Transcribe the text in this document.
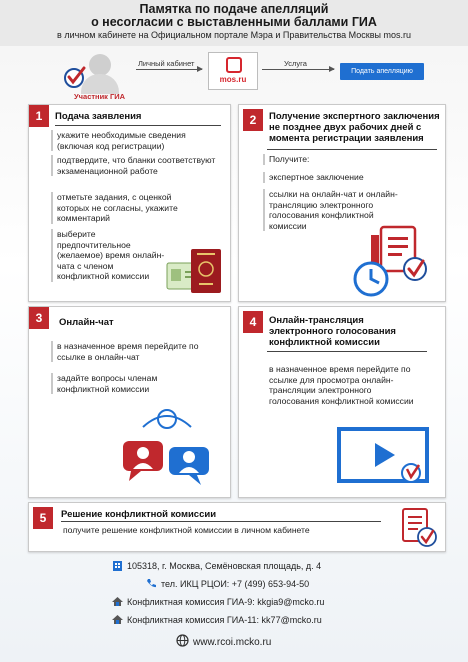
Памятка по подаче апелляций
о несогласии с выставленными баллами ГИА
в личном кабинете на Официальном портале Мэра и Правительства Москвы mos.ru
Участник ГИА
Личный кабинет
mos.ru
Услуга
Подать апелляцию
1	Подача заявления
укажите необходимые сведения (включая код регистрации)
подтвердите, что бланки соответствуют экзаменационной работе
отметьте задания, с оценкой которых не согласны, укажите комментарий
выберите предпочтительное (желаемое) время онлайн-чата с членом конфликтной комиссии
2	Получение экспертного заключения не позднее двух рабочих дней с момента регистрации заявления
Получите:
экспертное заключение
ссылки на онлайн-чат и онлайн-трансляцию электронного голосования конфликтной комиссии
3	Онлайн-чат
в назначенное время перейдите по ссылке в онлайн-чат
задайте вопросы членам конфликтной комиссии
4	Онлайн-трансляция электронного голосования конфликтной комиссии
в назначенное время перейдите по ссылке для просмотра онлайн-трансляции электронного голосования конфликтной комиссии
5	Решение конфликтной комиссии
получите решение конфликтной комиссии в личном кабинете
105318, г. Москва, Семёновская площадь, д. 4
тел. ИКЦ РЦОИ: +7 (499) 653-94-50
Конфликтная комиссия ГИА-9: kkgia9@mcko.ru
Конфликтная комиссия ГИА-11: kk77@mcko.ru
www.rcoi.mcko.ru
